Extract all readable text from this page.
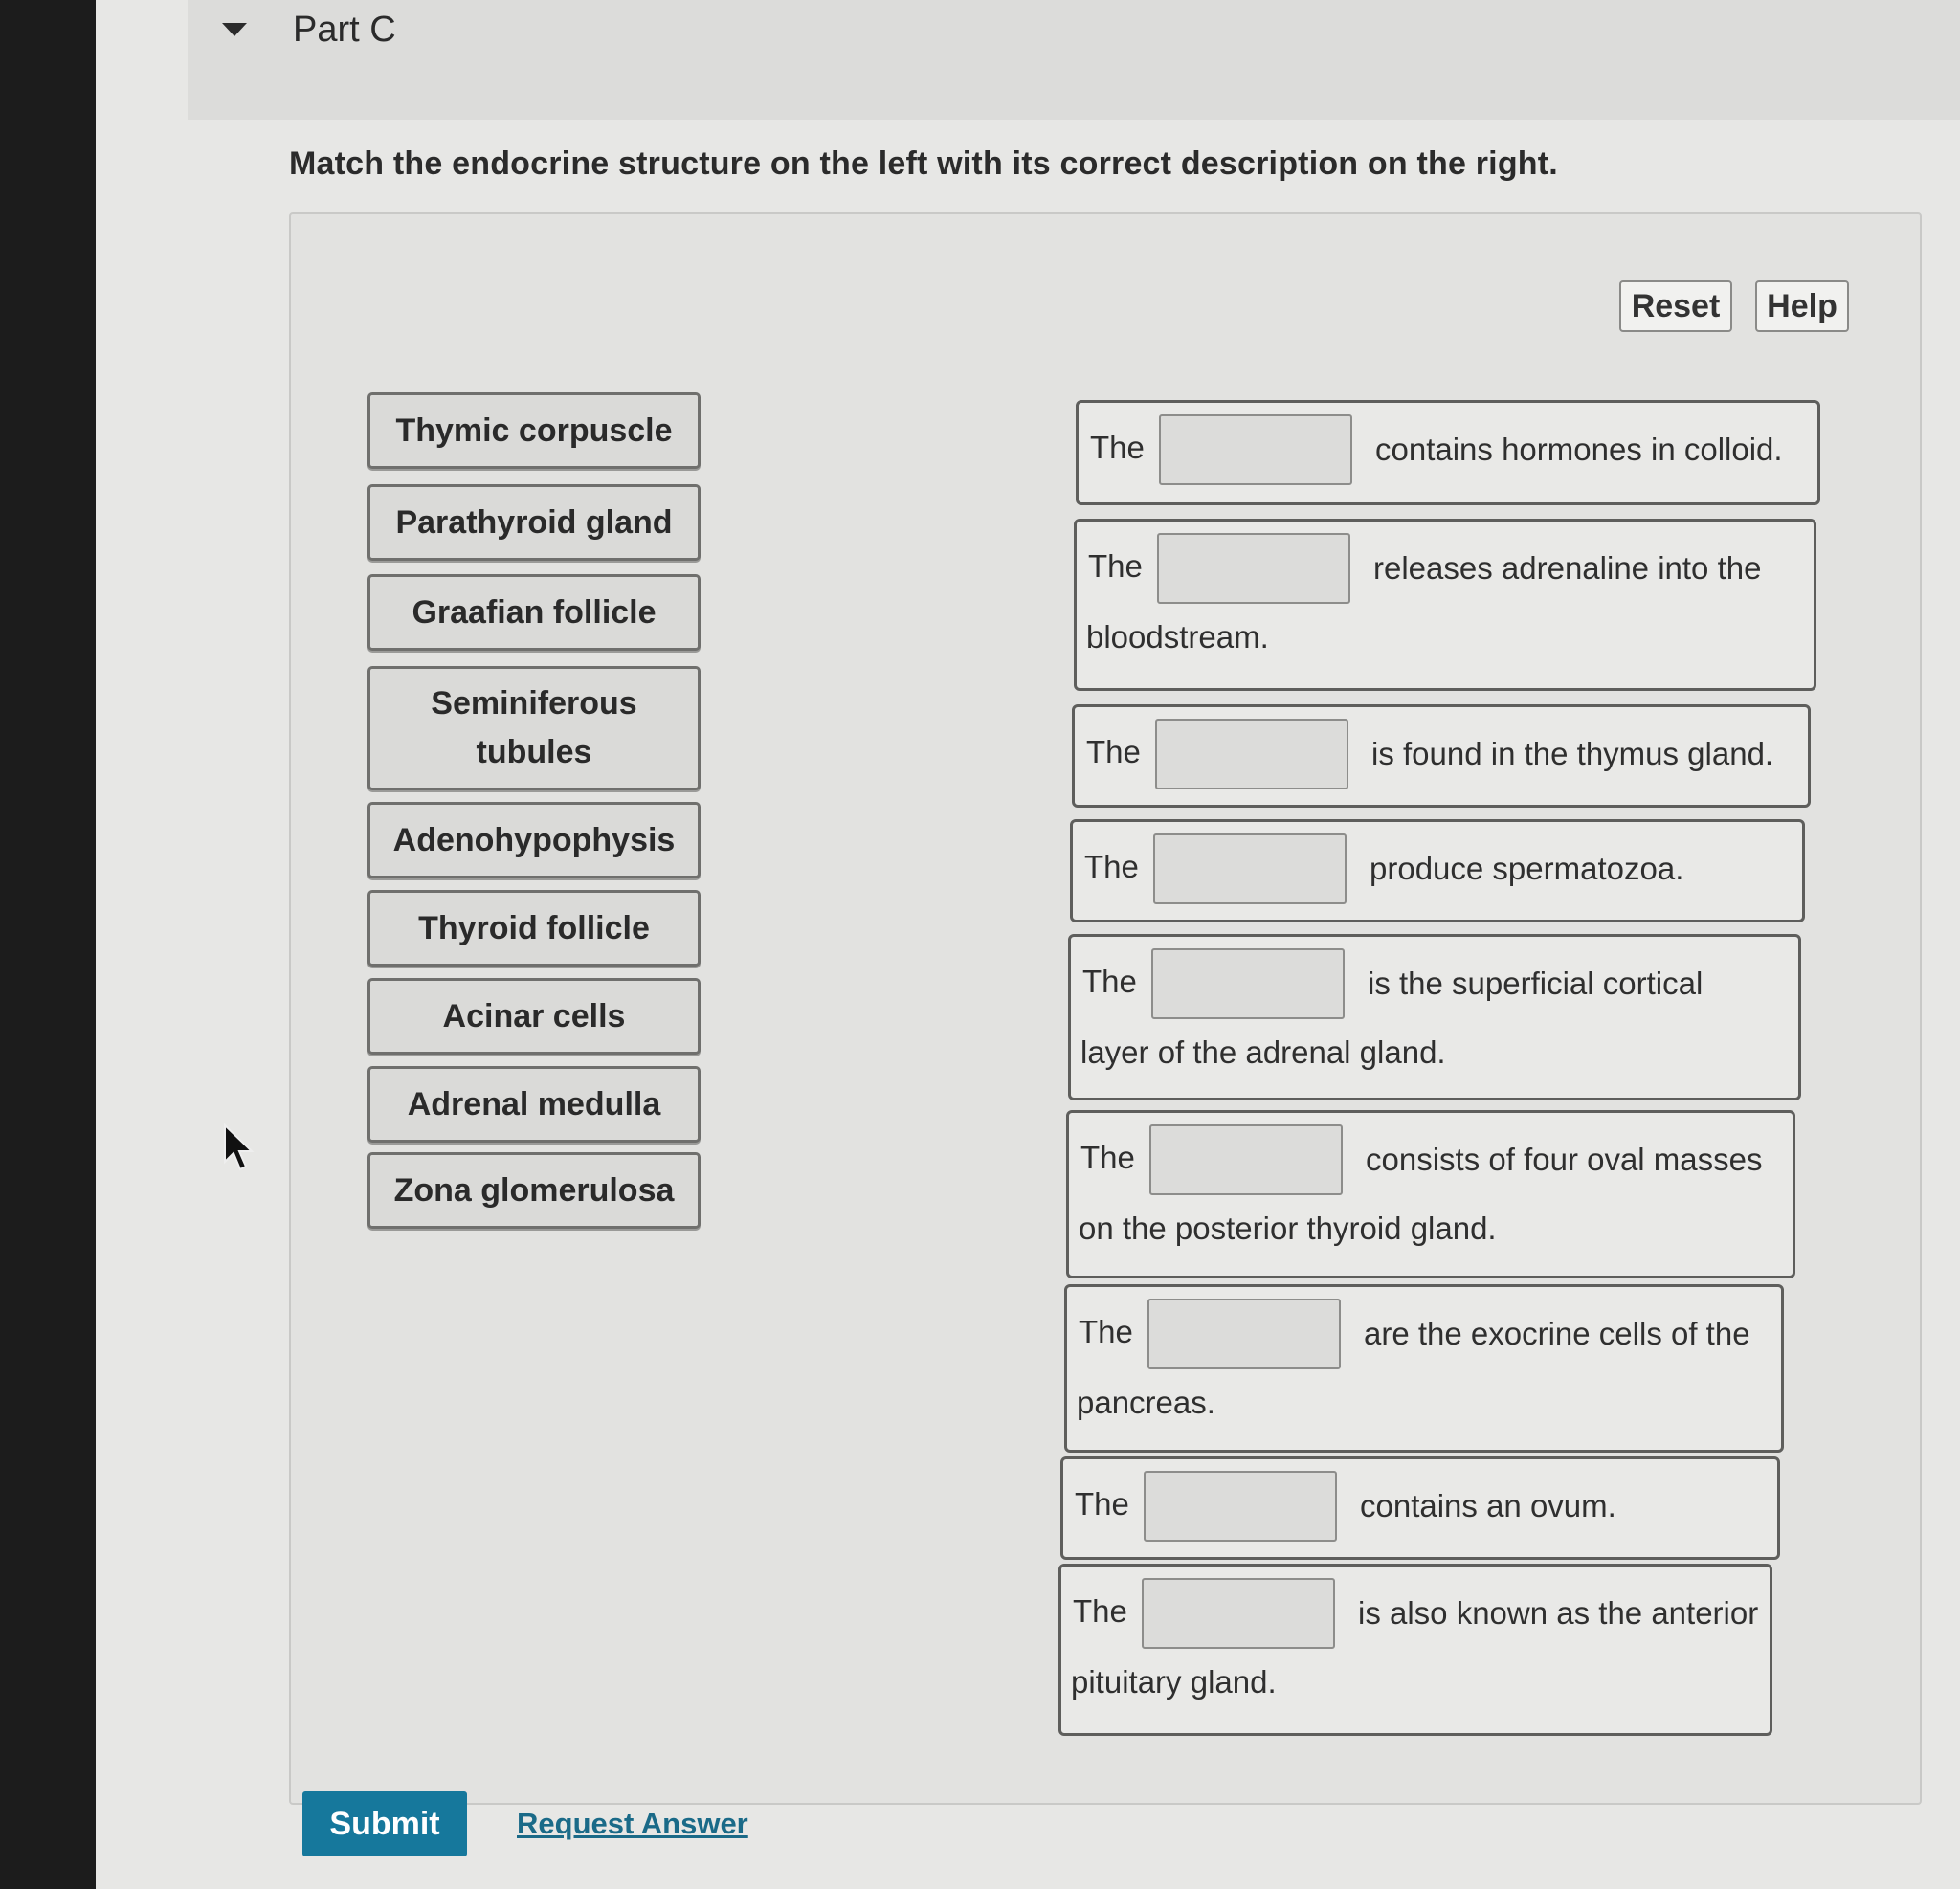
Part C
Match the endocrine structure on the left with its correct description on the right.
Reset	Help
Thymic corpuscle
Parathyroid gland
Graafian follicle
Seminiferous tubules
Adenohypophysis
Thyroid follicle
Acinar cells
Adrenal medulla
Zona glomerulosa
The	contains hormones in colloid.
The	releases adrenaline into the
bloodstream.
The	is found in the thymus gland.
The	produce spermatozoa.
The	is the superficial cortical
layer of the adrenal gland.
The	consists of four oval masses
on the posterior thyroid gland.
The	are the exocrine cells of the
pancreas.
The	contains an ovum.
The	is also known as the anterior
pituitary gland.
Submit	Request Answer
